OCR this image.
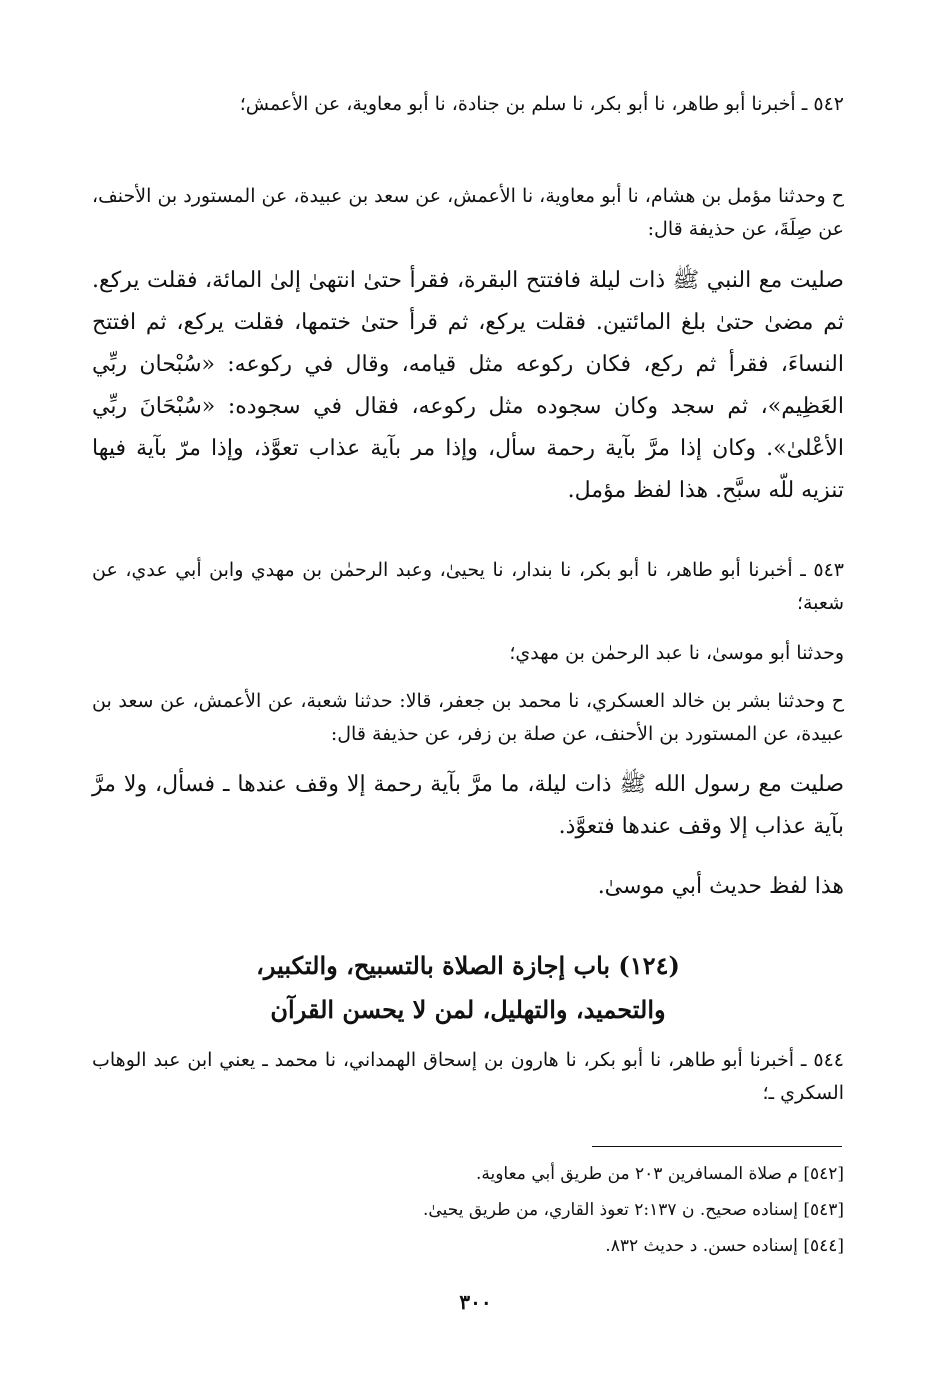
٥٤٢ ـ أخبرنا أبو طاهر، نا أبو بكر، نا سلم بن جنادة، نا أبو معاوية، عن الأعمش؛

ح وحدثنا مؤمل بن هشام، نا أبو معاوية، نا الأعمش، عن سعد بن عبيدة، عن المستورد بن الأحنف، عن صِلَةَ، عن حذيفة قال:

صليت مع النبي ﷺ ذات ليلة فافتتح البقرة، فقرأ حتىٰ انتهىٰ إلىٰ المائة، فقلت يركع. ثم مضىٰ حتىٰ بلغ المائتين. فقلت يركع، ثم قرأ حتىٰ ختمها، فقلت يركع، ثم افتتح النساءَ، فقرأ ثم ركع، فكان ركوعه مثل قيامه، وقال في ركوعه: «سُبْحان ربِّي العَظِيم»، ثم سجد وكان سجوده مثل ركوعه، فقال في سجوده: «سُبْحَانَ ربِّي الأعْلىٰ». وكان إذا مرَّ بآية رحمة سأل، وإذا مر بآية عذاب تعوَّذ، وإذا مرّ بآية فيها تنزيه للّه سبَّح. هذا لفظ مؤمل.

٥٤٣ ـ أخبرنا أبو طاهر، نا أبو بكر، نا بندار، نا يحيىٰ، وعبد الرحمٰن بن مهدي وابن أبي عدي، عن شعبة؛

وحدثنا أبو موسىٰ، نا عبد الرحمٰن بن مهدي؛

ح وحدثنا بشر بن خالد العسكري، نا محمد بن جعفر، قالا: حدثنا شعبة، عن الأعمش، عن سعد بن عبيدة، عن المستورد بن الأحنف، عن صلة بن زفر، عن حذيفة قال:

صليت مع رسول الله ﷺ ذات ليلة، ما مرَّ بآية رحمة إلا وقف عندها ـ فسأل، ولا مرَّ بآية عذاب إلا وقف عندها فتعوَّذ.

هذا لفظ حديث أبي موسىٰ.

(١٢٤) باب إجازة الصلاة بالتسبيح، والتكبير،
والتحميد، والتهليل، لمن لا يحسن القرآن

٥٤٤ ـ أخبرنا أبو طاهر، نا أبو بكر، نا هارون بن إسحاق الهمداني، نا محمد ـ يعني ابن عبد الوهاب السكري ـ؛

[٥٤٢] م صلاة المسافرين ٢٠٣ من طريق أبي معاوية.
[٥٤٣] إسناده صحيح. ن ٢:١٣٧ تعوذ القاري، من طريق يحيىٰ.
[٥٤٤] إسناده حسن. د حديث ٨٣٢.
٣٠٠
